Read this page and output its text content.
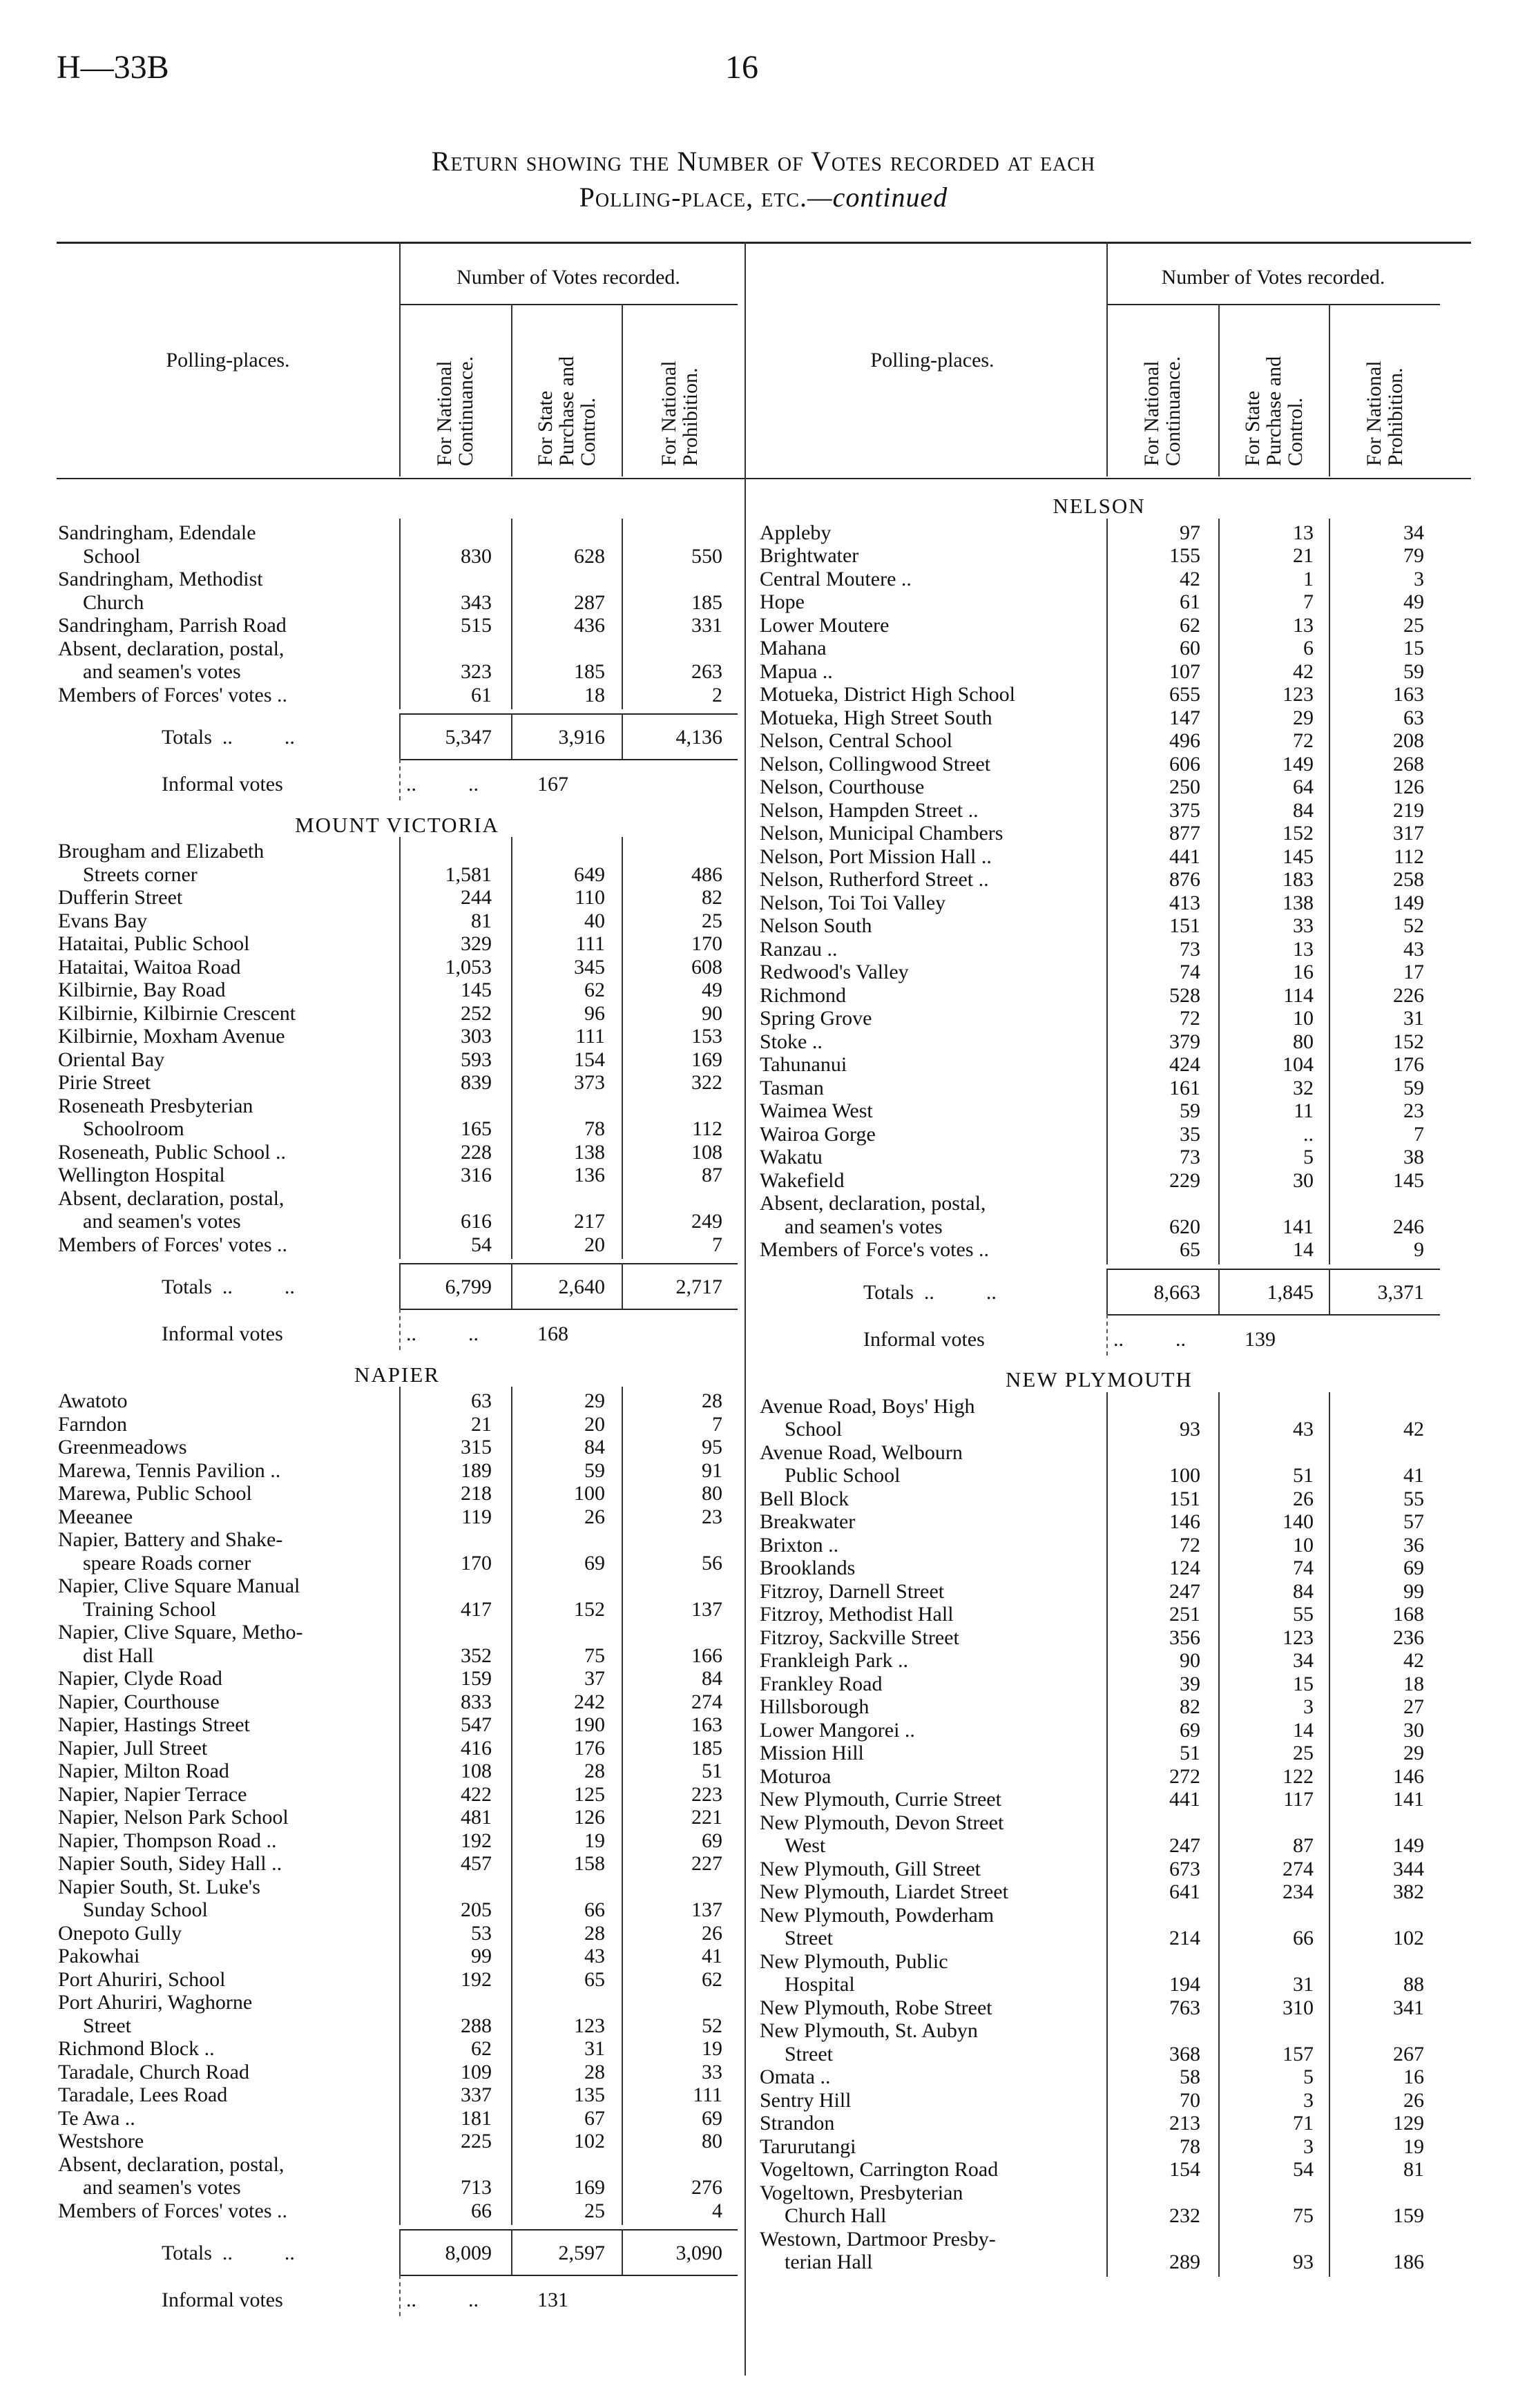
H—33B	16
Return showing the Number of Votes recorded at each
Polling-place, etc.—continued
Polling-places.
Number of Votes recorded.
For National
Continuance.	For State
Purchase and
Control.	For National
Prohibition.
Polling-places.
Number of Votes recorded.
For National
Continuance.	For State
Purchase and
Control.	For National
Prohibition.
Sandringham, Edendale
School	830	628	550
Sandringham, Methodist
Church	343	287	185
Sandringham, Parrish Road	515	436	331
Absent, declaration, postal,
and seamen's votes	323	185	263
Members of Forces' votes ..	61	18	2
Totals  ..          ..	5,347	3,916	4,136
Informal votes	..          ..	167
MOUNT VICTORIA
Brougham and Elizabeth
Streets corner	1,581	649	486
Dufferin Street	244	110	82
Evans Bay	81	40	25
Hataitai, Public School	329	111	170
Hataitai, Waitoa Road	1,053	345	608
Kilbirnie, Bay Road	145	62	49
Kilbirnie, Kilbirnie Crescent	252	96	90
Kilbirnie, Moxham Avenue	303	111	153
Oriental Bay	593	154	169
Pirie Street	839	373	322
Roseneath Presbyterian
Schoolroom	165	78	112
Roseneath, Public School ..	228	138	108
Wellington Hospital	316	136	87
Absent, declaration, postal,
and seamen's votes	616	217	249
Members of Forces' votes ..	54	20	7
Totals  ..          ..	6,799	2,640	2,717
Informal votes	..          ..	168
NAPIER
Awatoto	63	29	28
Farndon	21	20	7
Greenmeadows	315	84	95
Marewa, Tennis Pavilion ..	189	59	91
Marewa, Public School	218	100	80
Meeanee	119	26	23
Napier, Battery and Shake-
speare Roads corner	170	69	56
Napier, Clive Square Manual
Training School	417	152	137
Napier, Clive Square, Metho-
dist Hall	352	75	166
Napier, Clyde Road	159	37	84
Napier, Courthouse	833	242	274
Napier, Hastings Street	547	190	163
Napier, Jull Street	416	176	185
Napier, Milton Road	108	28	51
Napier, Napier Terrace	422	125	223
Napier, Nelson Park School	481	126	221
Napier, Thompson Road ..	192	19	69
Napier South, Sidey Hall ..	457	158	227
Napier South, St. Luke's
Sunday School	205	66	137
Onepoto Gully	53	28	26
Pakowhai	99	43	41
Port Ahuriri, School	192	65	62
Port Ahuriri, Waghorne
Street	288	123	52
Richmond Block ..	62	31	19
Taradale, Church Road	109	28	33
Taradale, Lees Road	337	135	111
Te Awa ..	181	67	69
Westshore	225	102	80
Absent, declaration, postal,
and seamen's votes	713	169	276
Members of Forces' votes ..	66	25	4
Totals  ..          ..	8,009	2,597	3,090
Informal votes	..          ..	131
NELSON
Appleby	97	13	34
Brightwater	155	21	79
Central Moutere ..	42	1	3
Hope	61	7	49
Lower Moutere	62	13	25
Mahana	60	6	15
Mapua ..	107	42	59
Motueka, District High School	655	123	163
Motueka, High Street South	147	29	63
Nelson, Central School	496	72	208
Nelson, Collingwood Street	606	149	268
Nelson, Courthouse	250	64	126
Nelson, Hampden Street ..	375	84	219
Nelson, Municipal Chambers	877	152	317
Nelson, Port Mission Hall ..	441	145	112
Nelson, Rutherford Street ..	876	183	258
Nelson, Toi Toi Valley	413	138	149
Nelson South	151	33	52
Ranzau ..	73	13	43
Redwood's Valley	74	16	17
Richmond	528	114	226
Spring Grove	72	10	31
Stoke ..	379	80	152
Tahunanui	424	104	176
Tasman	161	32	59
Waimea West	59	11	23
Wairoa Gorge	35	..	7
Wakatu	73	5	38
Wakefield	229	30	145
Absent, declaration, postal,
and seamen's votes	620	141	246
Members of Force's votes ..	65	14	9
Totals  ..          ..	8,663	1,845	3,371
Informal votes	..          ..	139
NEW PLYMOUTH
Avenue Road, Boys' High
School	93	43	42
Avenue Road, Welbourn
Public School	100	51	41
Bell Block	151	26	55
Breakwater	146	140	57
Brixton ..	72	10	36
Brooklands	124	74	69
Fitzroy, Darnell Street	247	84	99
Fitzroy, Methodist Hall	251	55	168
Fitzroy, Sackville Street	356	123	236
Frankleigh Park ..	90	34	42
Frankley Road	39	15	18
Hillsborough	82	3	27
Lower Mangorei ..	69	14	30
Mission Hill	51	25	29
Moturoa	272	122	146
New Plymouth, Currie Street	441	117	141
New Plymouth, Devon Street
West	247	87	149
New Plymouth, Gill Street	673	274	344
New Plymouth, Liardet Street	641	234	382
New Plymouth, Powderham
Street	214	66	102
New Plymouth, Public
Hospital	194	31	88
New Plymouth, Robe Street	763	310	341
New Plymouth, St. Aubyn
Street	368	157	267
Omata ..	58	5	16
Sentry Hill	70	3	26
Strandon	213	71	129
Tarurutangi	78	3	19
Vogeltown, Carrington Road	154	54	81
Vogeltown, Presbyterian
Church Hall	232	75	159
Westown, Dartmoor Presby-
terian Hall	289	93	186
